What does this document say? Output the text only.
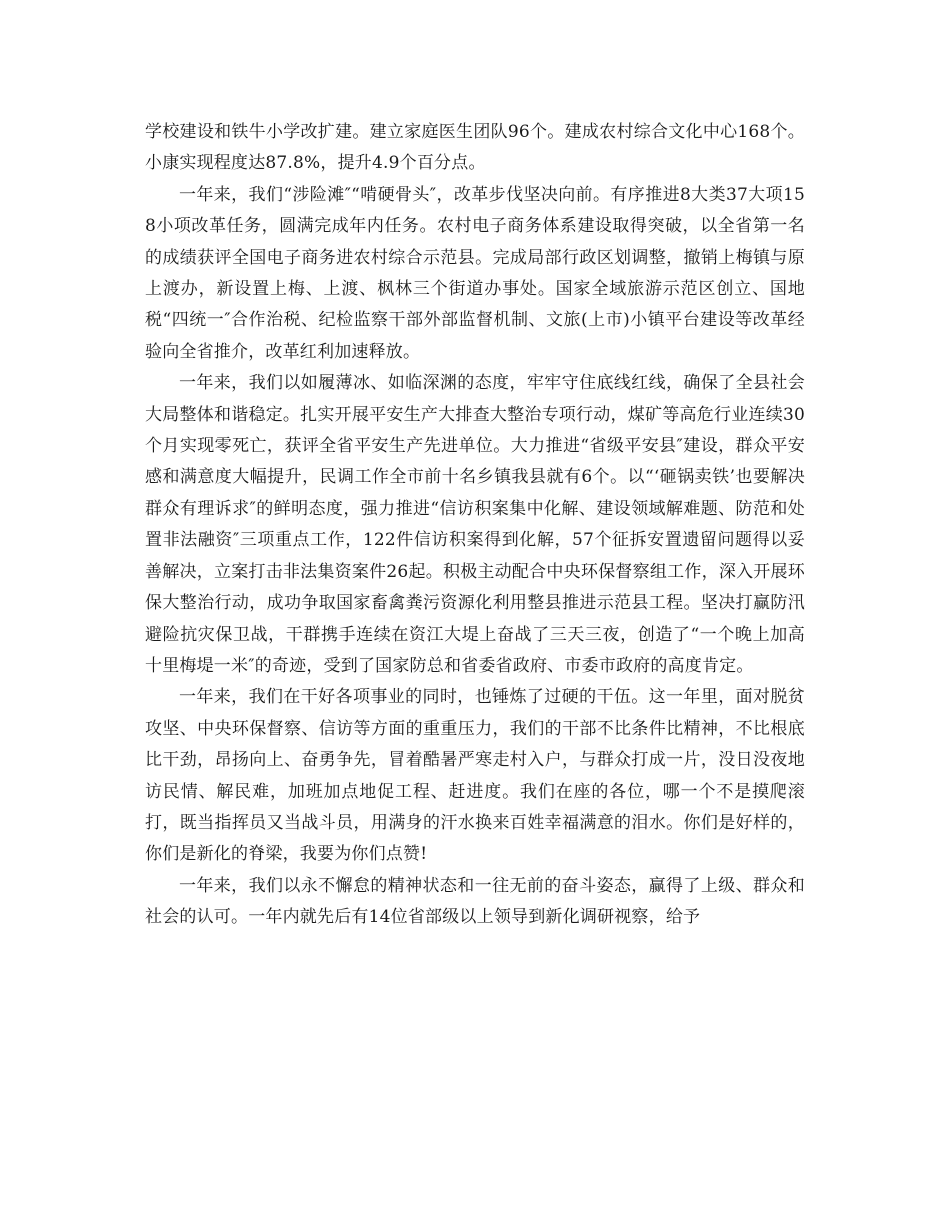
学校建设和铁牛小学改扩建。建立家庭医生团队96个。建成农村综合文化中心168个。小康实现程度达87.8%，提升4.9个百分点。

一年来，我们“涉险滩″“啃硬骨头″，改革步伐坚决向前。有序推进8大类37大项158小项改革任务，圆满完成年内任务。农村电子商务体系建设取得突破，以全省第一名的成绩获评全国电子商务进农村综合示范县。完成局部行政区划调整，撤销上梅镇与原上渡办，新设置上梅、上渡、枫林三个街道办事处。国家全域旅游示范区创立、国地税“四统一″合作治税、纪检监察干部外部监督机制、文旅(上市)小镇平台建设等改革经验向全省推介，改革红利加速释放。

一年来，我们以如履薄冰、如临深渊的态度，牢牢守住底线红线，确保了全县社会大局整体和谐稳定。扎实开展平安生产大排查大整治专项行动，煤矿等高危行业连续30个月实现零死亡，获评全省平安生产先进单位。大力推进“省级平安县″建设，群众平安感和满意度大幅提升，民调工作全市前十名乡镇我县就有6个。以“‘砸锅卖铁’也要解决群众有理诉求″的鲜明态度，强力推进“信访积案集中化解、建设领域解难题、防范和处置非法融资″三项重点工作，122件信访积案得到化解，57个征拆安置遗留问题得以妥善解决，立案打击非法集资案件26起。积极主动配合中央环保督察组工作，深入开展环保大整治行动，成功争取国家畜禽粪污资源化利用整县推进示范县工程。坚决打赢防汛避险抗灾保卫战，干群携手连续在资江大堤上奋战了三天三夜，创造了“一个晚上加高十里梅堤一米″的奇迹，受到了国家防总和省委省政府、市委市政府的高度肯定。

一年来，我们在干好各项事业的同时，也锤炼了过硬的干伍。这一年里，面对脱贫攻坚、中央环保督察、信访等方面的重重压力，我们的干部不比条件比精神，不比根底比干劲，昂扬向上、奋勇争先，冒着酷暑严寒走村入户，与群众打成一片，没日没夜地访民情、解民难，加班加点地促工程、赶进度。我们在座的各位，哪一个不是摸爬滚打，既当指挥员又当战斗员，用满身的汗水换来百姓幸福满意的泪水。你们是好样的，你们是新化的脊梁，我要为你们点赞!

一年来，我们以永不懈怠的精神状态和一往无前的奋斗姿态，赢得了上级、群众和社会的认可。一年内就先后有14位省部级以上领导到新化调研视察，给予
